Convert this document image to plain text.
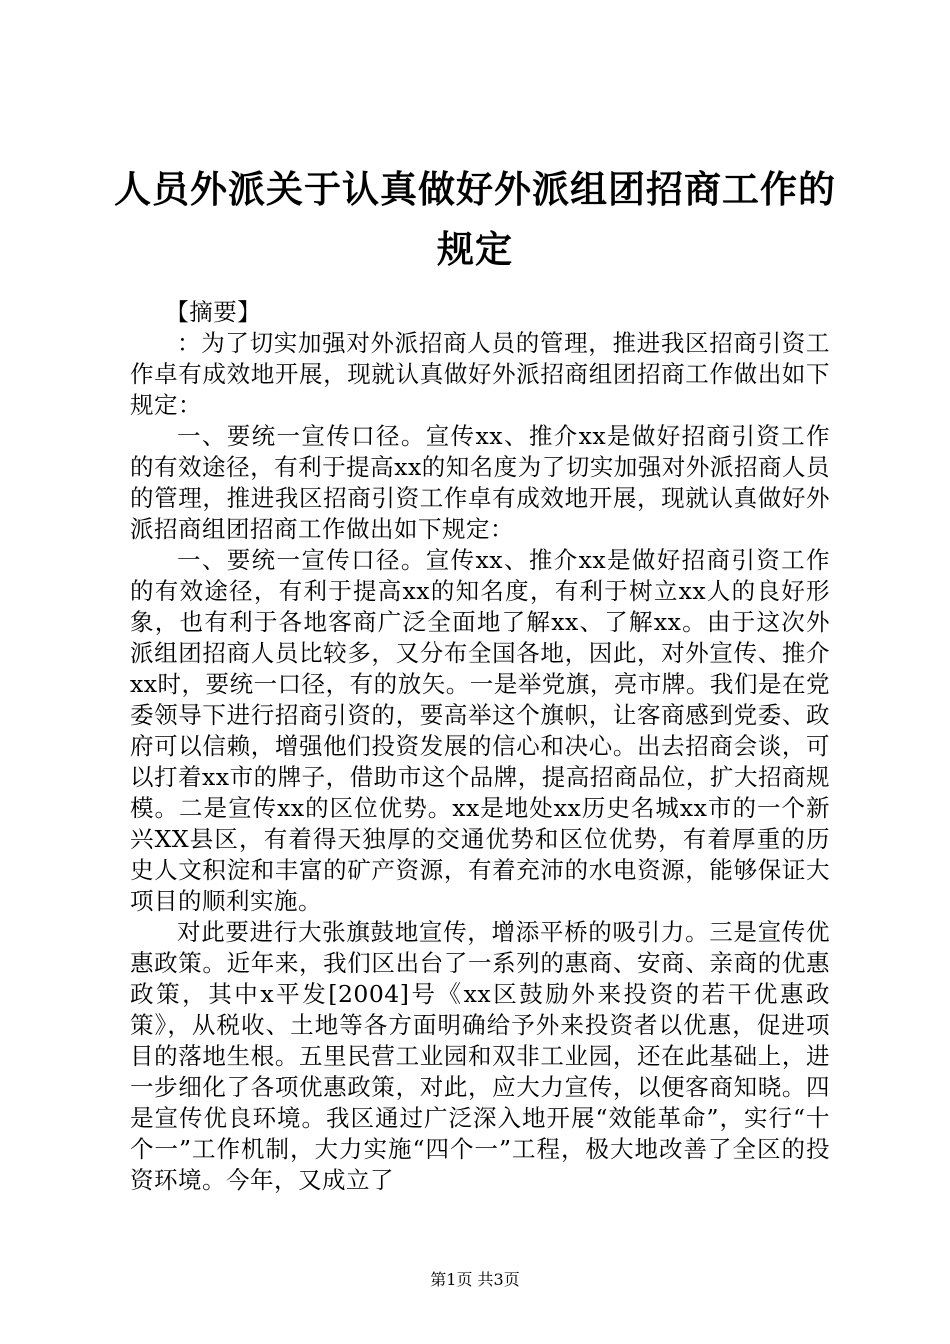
人员外派关于认真做好外派组团招商工作的规定

【摘要】

：为了切实加强对外派招商人员的管理，推进我区招商引资工作卓有成效地开展，现就认真做好外派招商组团招商工作做出如下规定：

一、要统一宣传口径。宣传xx、推介xx是做好招商引资工作的有效途径，有利于提高xx的知名度为了切实加强对外派招商人员的管理，推进我区招商引资工作卓有成效地开展，现就认真做好外派招商组团招商工作做出如下规定：

一、要统一宣传口径。宣传xx、推介xx是做好招商引资工作的有效途径，有利于提高xx的知名度，有利于树立xx人的良好形象，也有利于各地客商广泛全面地了解xx、了解xx。由于这次外派组团招商人员比较多，又分布全国各地，因此，对外宣传、推介xx时，要统一口径，有的放矢。一是举党旗，亮市牌。我们是在党委领导下进行招商引资的，要高举这个旗帜，让客商感到党委、政府可以信赖，增强他们投资发展的信心和决心。出去招商会谈，可以打着xx市的牌子，借助市这个品牌，提高招商品位，扩大招商规模。二是宣传xx的区位优势。xx是地处xx历史名城xx市的一个新兴XX县区，有着得天独厚的交通优势和区位优势，有着厚重的历史人文积淀和丰富的矿产资源，有着充沛的水电资源，能够保证大项目的顺利实施。

对此要进行大张旗鼓地宣传，增添平桥的吸引力。三是宣传优惠政策。近年来，我们区出台了一系列的惠商、安商、亲商的优惠政策，其中x平发[2004]号《xx区鼓励外来投资的若干优惠政策》，从税收、土地等各方面明确给予外来投资者以优惠，促进项目的落地生根。五里民营工业园和双非工业园，还在此基础上，进一步细化了各项优惠政策，对此，应大力宣传，以便客商知晓。四是宣传优良环境。我区通过广泛深入地开展“效能革命”，实行“十个一”工作机制，大力实施“四个一”工程，极大地改善了全区的投资环境。今年，又成立了

第1页 共3页
